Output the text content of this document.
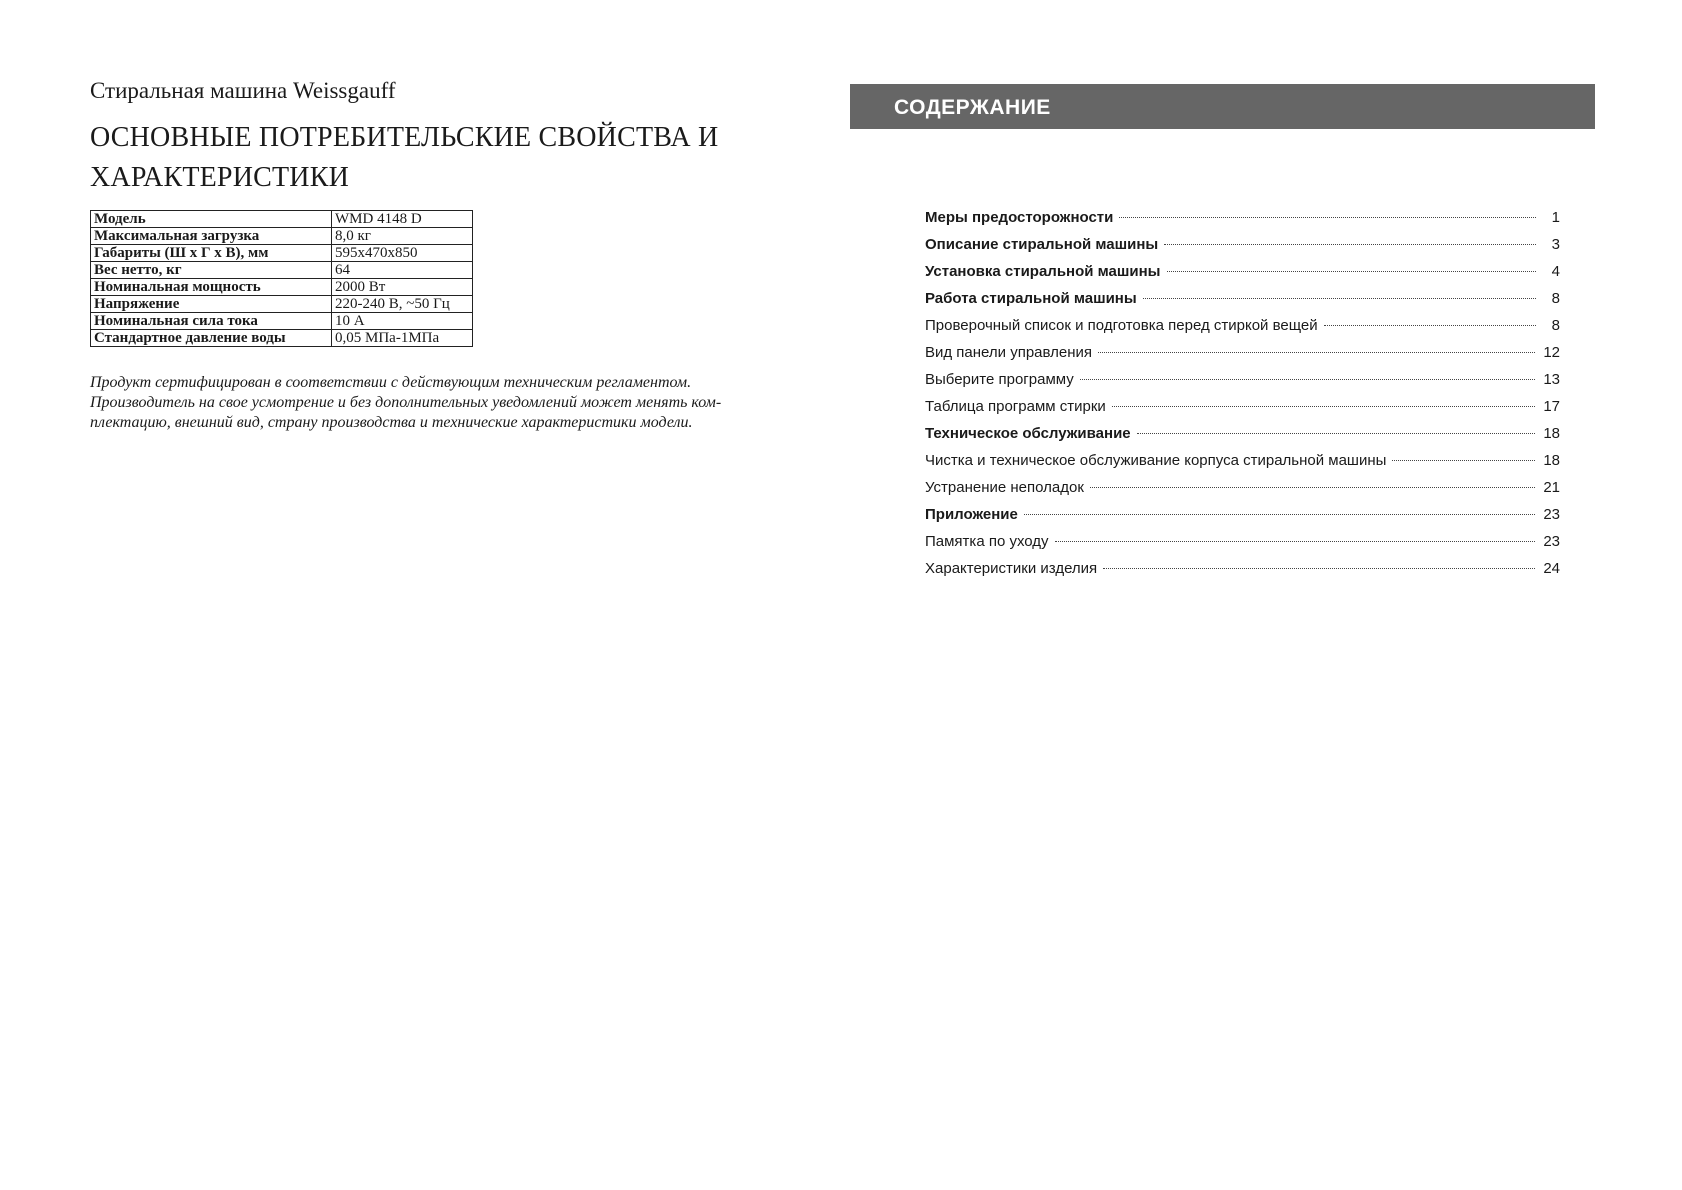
Стиральная машина Weissgauff
ОСНОВНЫЕ ПОТРЕБИТЕЛЬСКИЕ СВОЙСТВА И
ХАРАКТЕРИСТИКИ
Модель	WMD 4148 D
Максимальная загрузка	8,0 кг
Габариты (Ш х Г х В), мм	595x470x850
Вес нетто, кг	64
Номинальная мощность	2000 Вт
Напряжение	220-240 В, ~50 Гц
Номинальная сила тока	10 А
Стандартное давление воды	0,05 МПа-1МПа
Продукт сертифицирован в соответствии с действующим техническим регламентом.
Производитель на свое усмотрение и без дополнительных уведомлений может менять ком-
плектацию, внешний вид, страну производства и технические характеристики модели.
СОДЕРЖАНИЕ
Меры предосторожности	1
Описание стиральной машины	3
Установка стиральной машины	4
Работа стиральной машины	8
Проверочный список и подготовка перед стиркой вещей	8
Вид панели управления	12
Выберите программу	13
Таблица программ стирки	17
Техническое обслуживание	18
Чистка и техническое обслуживание корпуса стиральной машины	18
Устранение неполадок	21
Приложение	23
Памятка по уходу	23
Характеристики изделия	24
